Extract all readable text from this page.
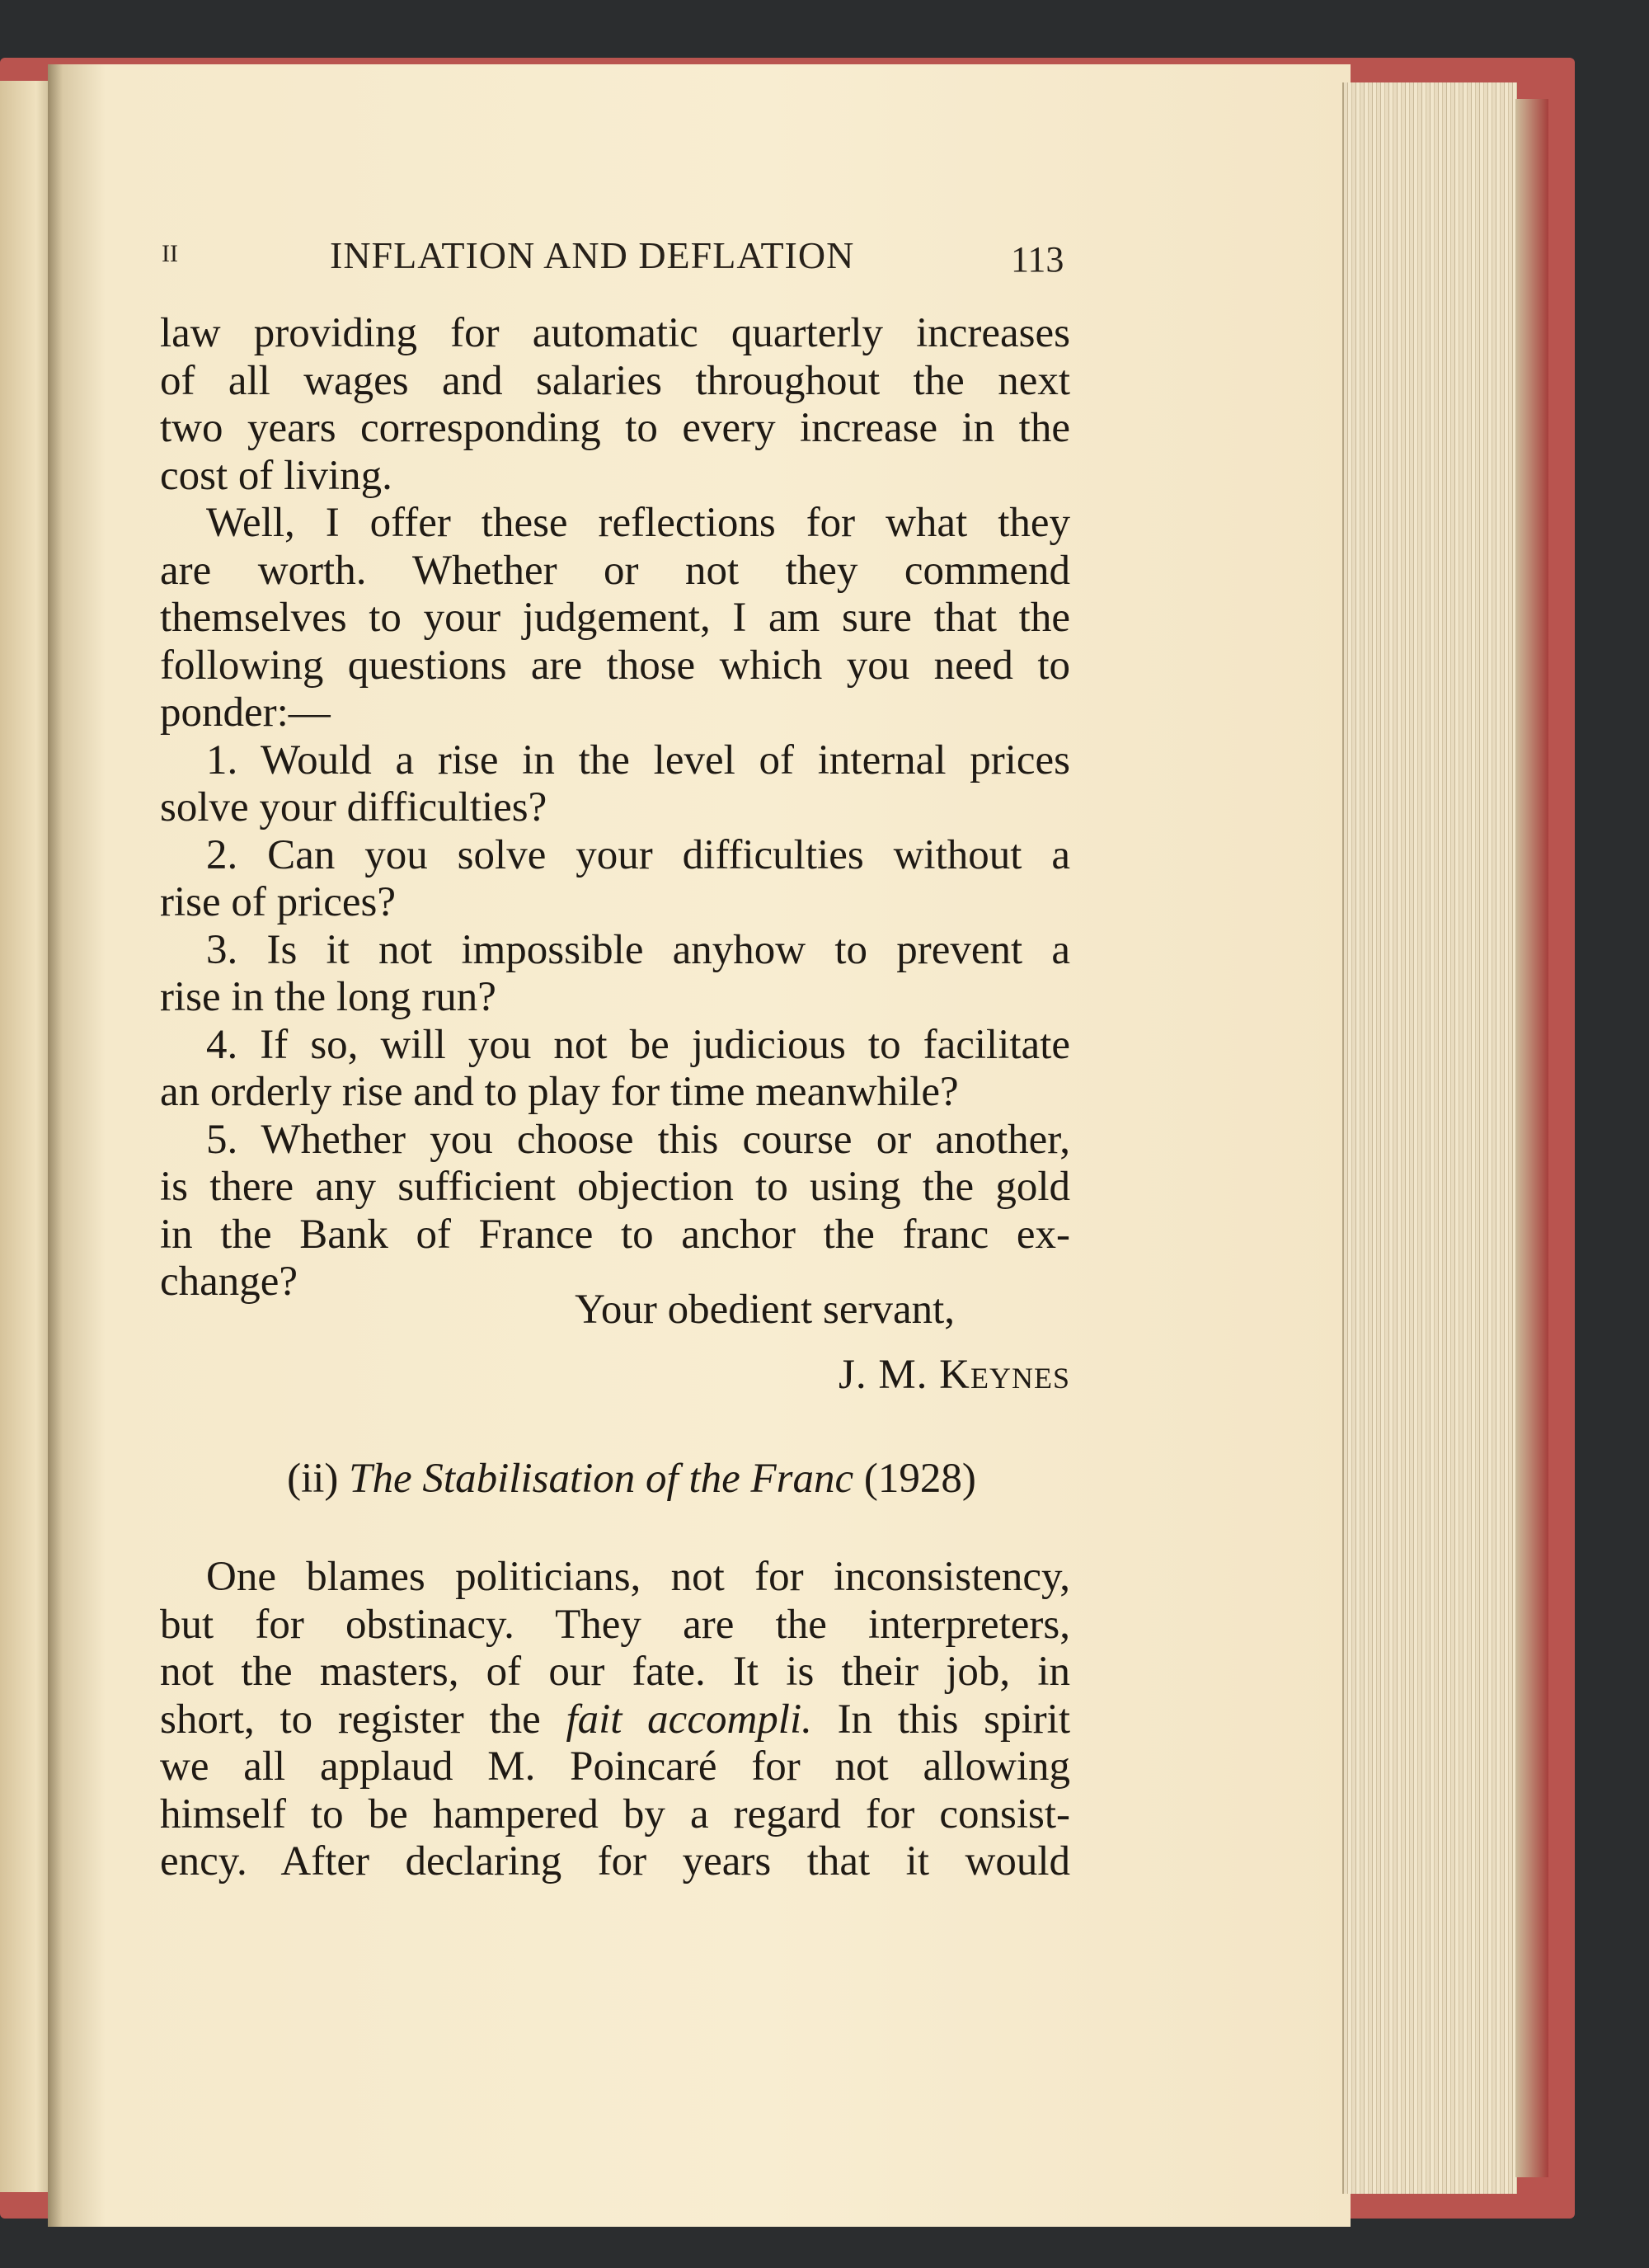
II	INFLATION AND DEFLATION	113
law providing for automatic quarterly increases
of all wages and salaries throughout the next
two years corresponding to every increase in the
cost of living.
Well, I offer these reflections for what they
are worth. Whether or not they commend
themselves to your judgement, I am sure that the
following questions are those which you need to
ponder:—
1. Would a rise in the level of internal prices
solve your difficulties?
2. Can you solve your difficulties without a
rise of prices?
3. Is it not impossible anyhow to prevent a
rise in the long run?
4. If so, will you not be judicious to facilitate
an orderly rise and to play for time meanwhile?
5. Whether you choose this course or another,
is there any sufficient objection to using the gold
in the Bank of France to anchor the franc ex-
change?
Your obedient servant,
J. M. Keynes
(ii) The Stabilisation of the Franc (1928)
One blames politicians, not for inconsistency,
but for obstinacy. They are the interpreters,
not the masters, of our fate. It is their job, in
short, to register the fait accompli. In this spirit
we all applaud M. Poincaré for not allowing
himself to be hampered by a regard for consist-
ency. After declaring for years that it would
